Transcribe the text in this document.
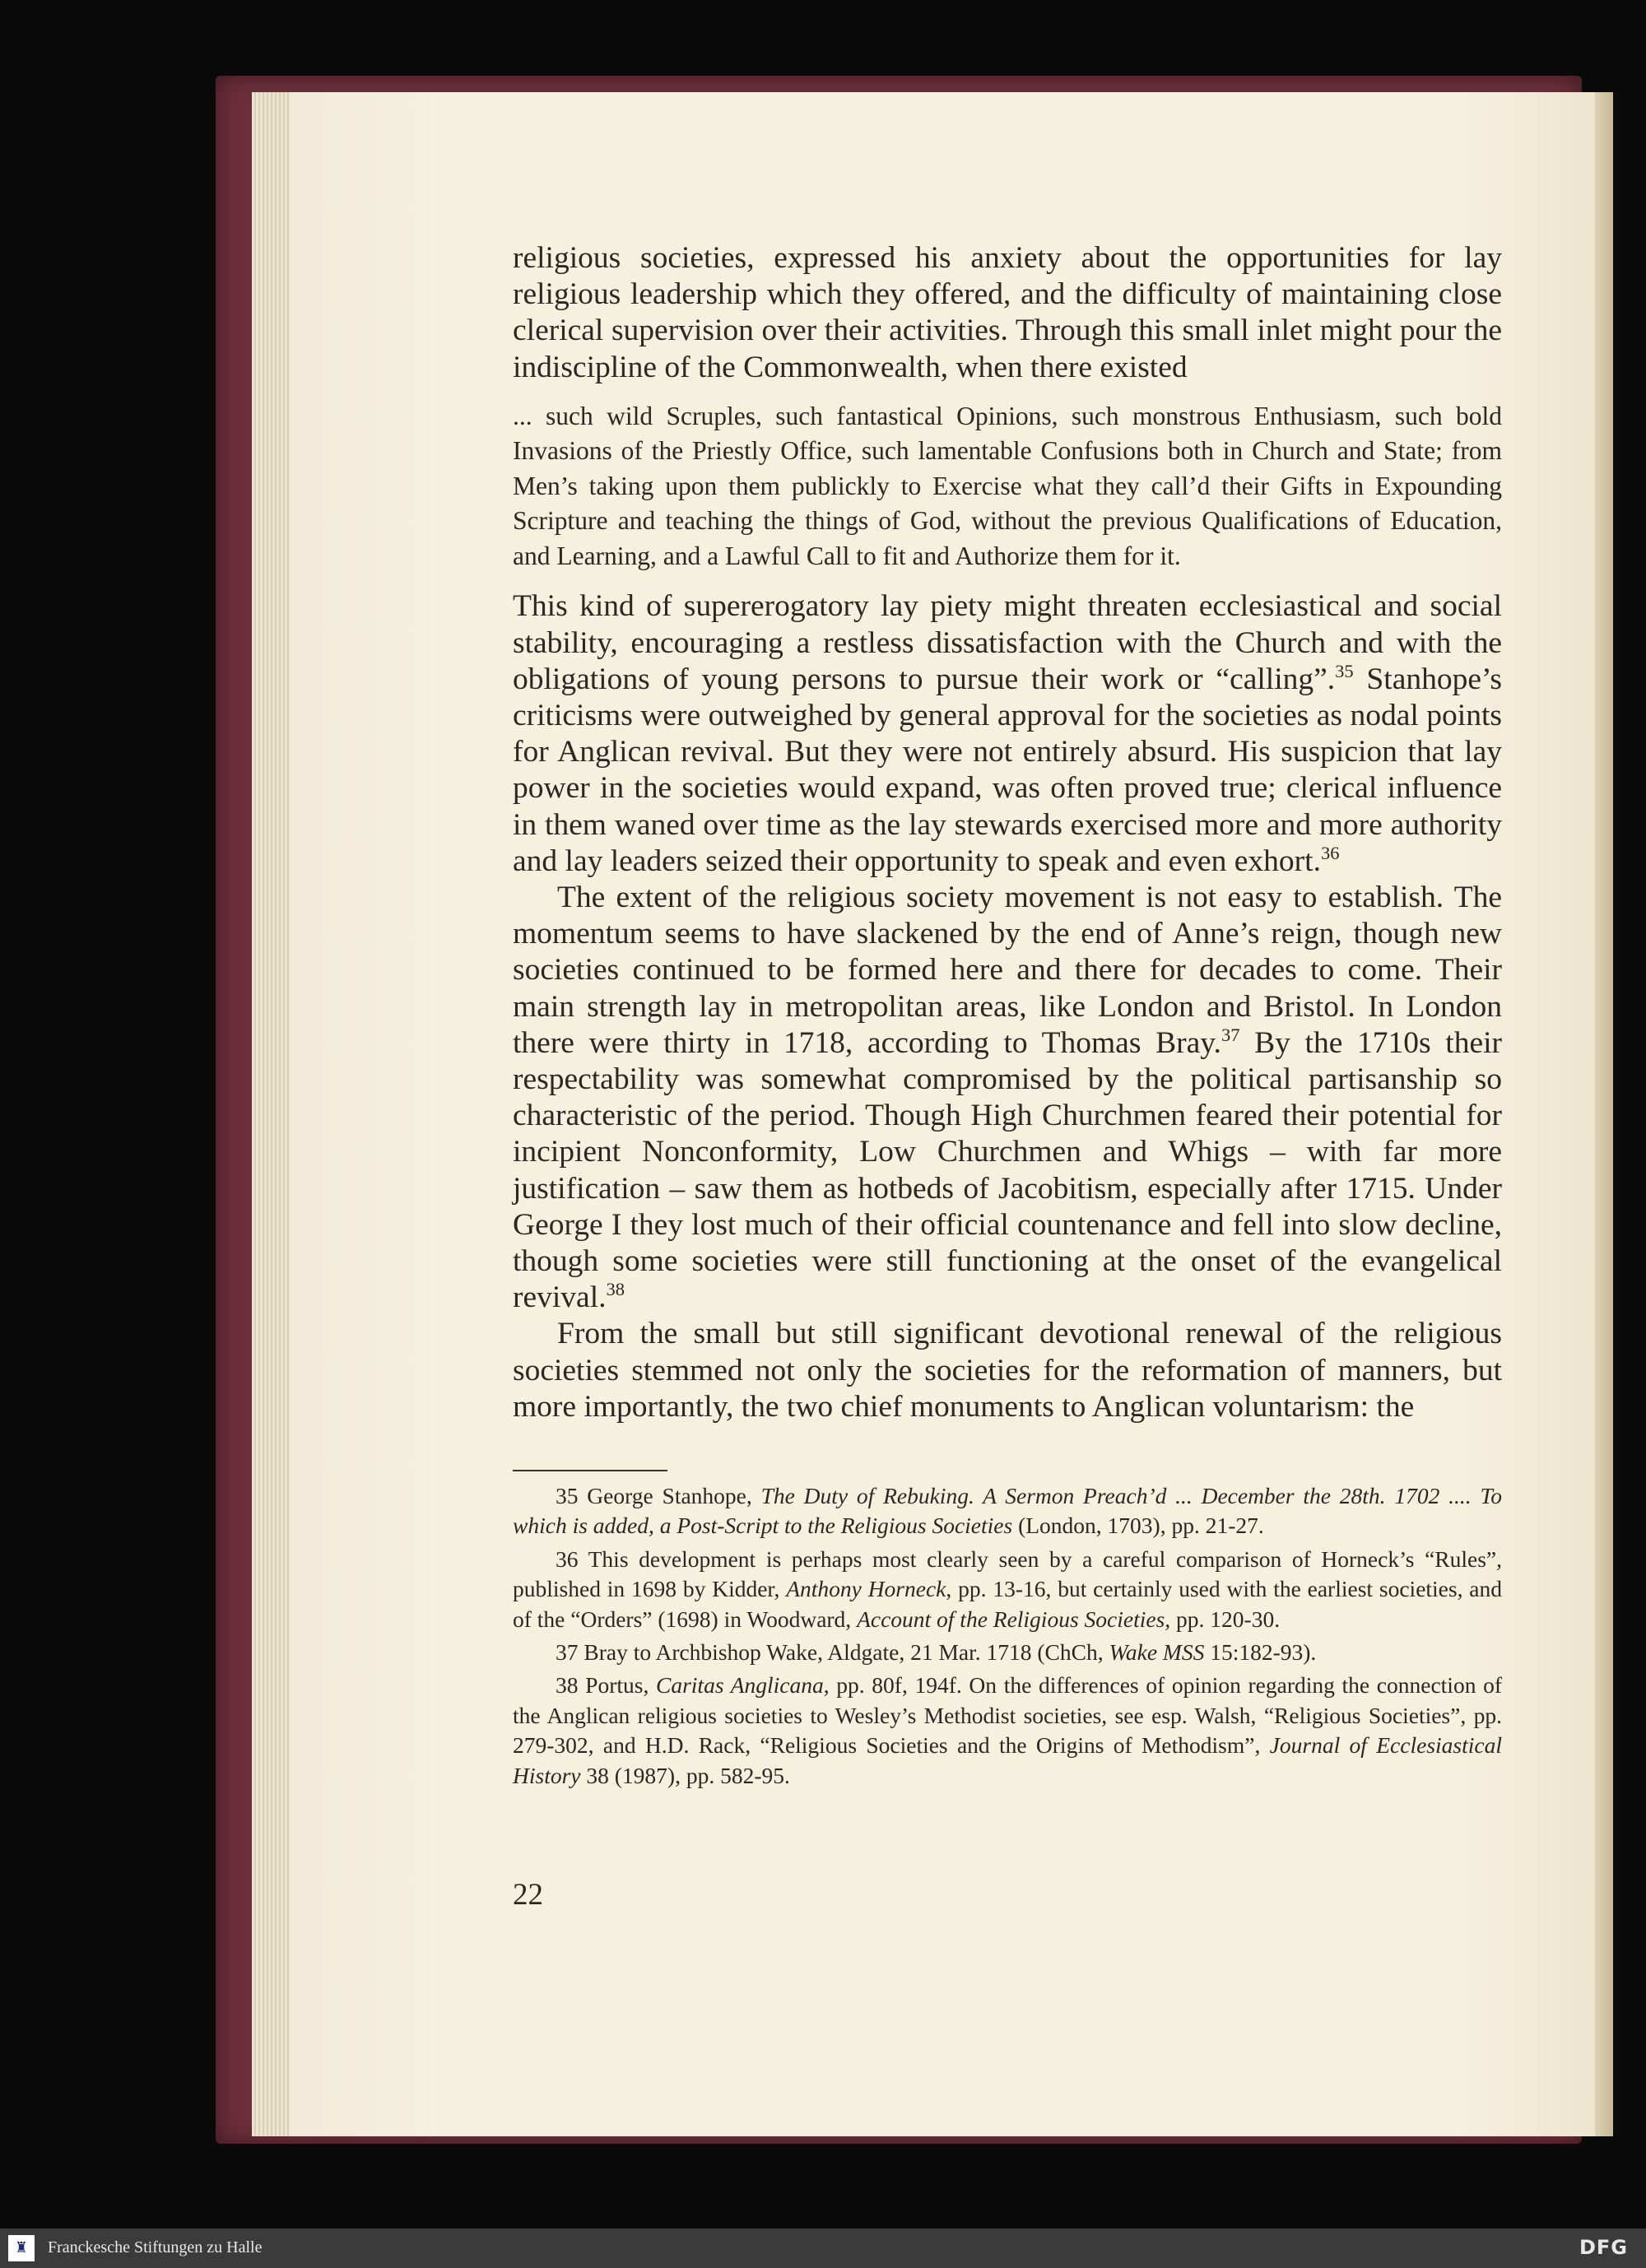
religious societies, expressed his anxiety about the opportunities for lay religious leadership which they offered, and the difficulty of maintaining close clerical supervision over their activities. Through this small inlet might pour the indiscipline of the Commonwealth, when there existed

... such wild Scruples, such fantastical Opinions, such monstrous Enthusiasm, such bold Invasions of the Priestly Office, such lamentable Confusions both in Church and State; from Men’s taking upon them publickly to Exercise what they call’d their Gifts in Expounding Scripture and teaching the things of God, without the previous Qualifications of Education, and Learning, and a Lawful Call to fit and Authorize them for it.

This kind of supererogatory lay piety might threaten ecclesiastical and social stability, encouraging a restless dissatisfaction with the Church and with the obligations of young persons to pursue their work or “calling”.$^{35}$ Stanhope’s criticisms were outweighed by general approval for the societies as nodal points for Anglican revival. But they were not entirely absurd. His suspicion that lay power in the societies would expand, was often proved true; clerical influence in them waned over time as the lay stewards exercised more and more authority and lay leaders seized their opportunity to speak and even exhort.$^{36}$

The extent of the religious society movement is not easy to establish. The momentum seems to have slackened by the end of Anne’s reign, though new societies continued to be formed here and there for decades to come. Their main strength lay in metropolitan areas, like London and Bristol. In London there were thirty in 1718, according to Thomas Bray.$^{37}$ By the 1710s their respectability was somewhat compromised by the political partisanship so characteristic of the period. Though High Churchmen feared their potential for incipient Nonconformity, Low Churchmen and Whigs – with far more justification – saw them as hotbeds of Jacobitism, especially after 1715. Under George I they lost much of their official countenance and fell into slow decline, though some societies were still functioning at the onset of the evangelical revival.$^{38}$

From the small but still significant devotional renewal of the religious societies stemmed not only the societies for the reformation of manners, but more importantly, the two chief monuments to Anglican voluntarism: the

35 George Stanhope, The Duty of Rebuking. A Sermon Preach’d ... December the 28th. 1702 .... To which is added, a Post-Script to the Religious Societies (London, 1703), pp. 21-27.

36 This development is perhaps most clearly seen by a careful comparison of Horneck’s “Rules”, published in 1698 by Kidder, Anthony Horneck, pp. 13-16, but certainly used with the earliest societies, and of the “Orders” (1698) in Woodward, Account of the Religious Societies, pp. 120-30.

37 Bray to Archbishop Wake, Aldgate, 21 Mar. 1718 (ChCh, Wake MSS 15:182-93).

38 Portus, Caritas Anglicana, pp. 80f, 194f. On the differences of opinion regarding the connection of the Anglican religious societies to Wesley’s Methodist societies, see esp. Walsh, “Religious Societies”, pp. 279-302, and H.D. Rack, “Religious Societies and the Origins of Methodism”, Journal of Ecclesiastical History 38 (1987), pp. 582-95.

22
♜	Franckesche Stiftungen zu Halle	DFG
